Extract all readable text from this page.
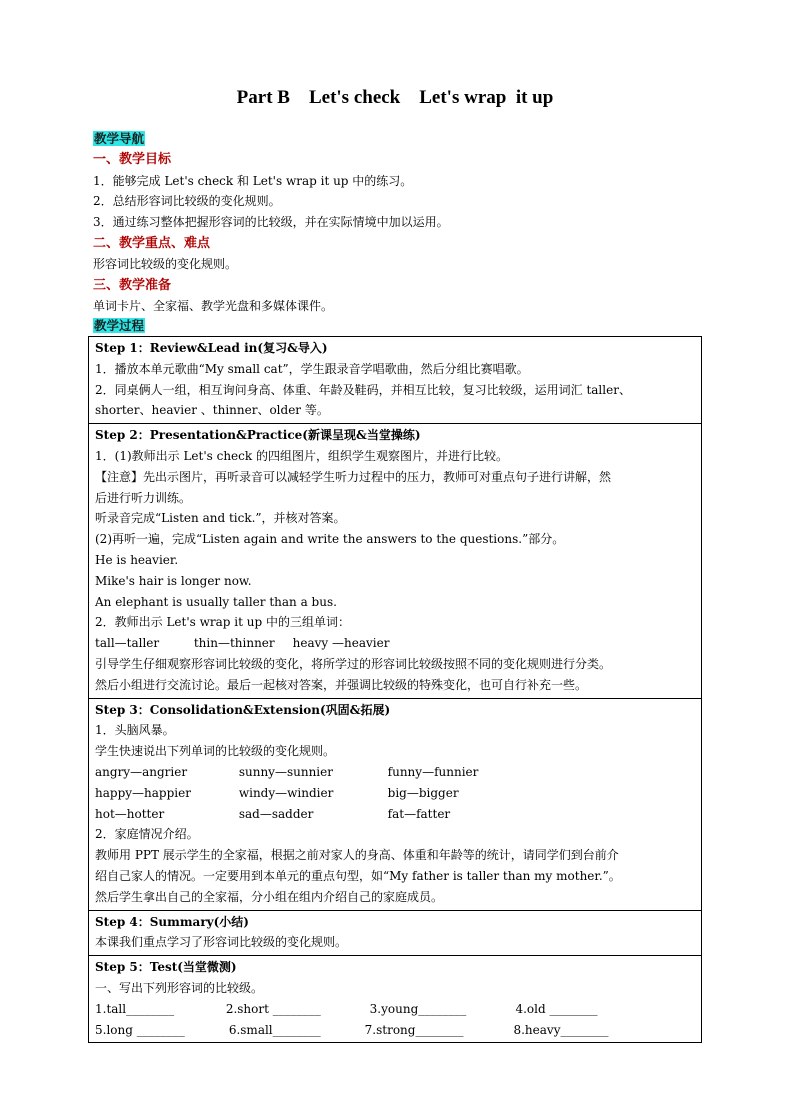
Part B    Let's check    Let's wrap  it up
教学导航
一、教学目标
1．能够完成 Let's check 和 Let's wrap it up 中的练习。
2．总结形容词比较级的变化规则。
3．通过练习整体把握形容词的比较级，并在实际情境中加以运用。
二、教学重点、难点
形容词比较级的变化规则。
三、教学准备
单词卡片、全家福、教学光盘和多媒体课件。
教学过程
Step 1：Review&Lead in(复习&导入)
1．播放本单元歌曲“My small cat”，学生跟录音学唱歌曲，然后分组比赛唱歌。
2．同桌俩人一组，相互询问身高、体重、年龄及鞋码，并相互比较，复习比较级，运用词汇 taller、
shorter、heavier 、thinner、older 等。

Step 2：Presentation&Practice(新课呈现&当堂操练)
1．(1)教师出示 Let's check 的四组图片，组织学生观察图片，并进行比较。
【注意】先出示图片，再听录音可以减轻学生听力过程中的压力，教师可对重点句子进行讲解，然
后进行听力训练。
听录音完成“Listen and tick.”，并核对答案。
(2)再听一遍，完成“Listen again and write the answers to the questions.”部分。
He is heavier.
Mike's hair is longer now.
An elephant is usually taller than a bus.
2．教师出示 Let's wrap it up 中的三组单词：
tall—taller	thin—thinner heavy —heavier
引导学生仔细观察形容词比较级的变化，将所学过的形容词比较级按照不同的变化规则进行分类。
然后小组进行交流讨论。最后一起核对答案，并强调比较级的特殊变化，也可自行补充一些。

Step 3：Consolidation&Extension(巩固&拓展)
1．头脑风暴。
学生快速说出下列单词的比较级的变化规则。
angry—angrier	sunny—sunnier	funny—funnier
happy—happier	windy—windier	big—bigger
hot—hotter	sad—sadder	fat—fatter
2．家庭情况介绍。
教师用 PPT 展示学生的全家福，根据之前对家人的身高、体重和年龄等的统计，请同学们到台前介
绍自己家人的情况。一定要用到本单元的重点句型，如“My father is taller than my mother.”。
然后学生拿出自己的全家福，分小组在组内介绍自己的家庭成员。

Step 4：Summary(小结)
本课我们重点学习了形容词比较级的变化规则。

Step 5：Test(当堂微测)
一、写出下列形容词的比较级。
1.tall________	2.short ________	3.young________	4.old ________
5.long ________	6.small________	7.strong________	8.heavy________
